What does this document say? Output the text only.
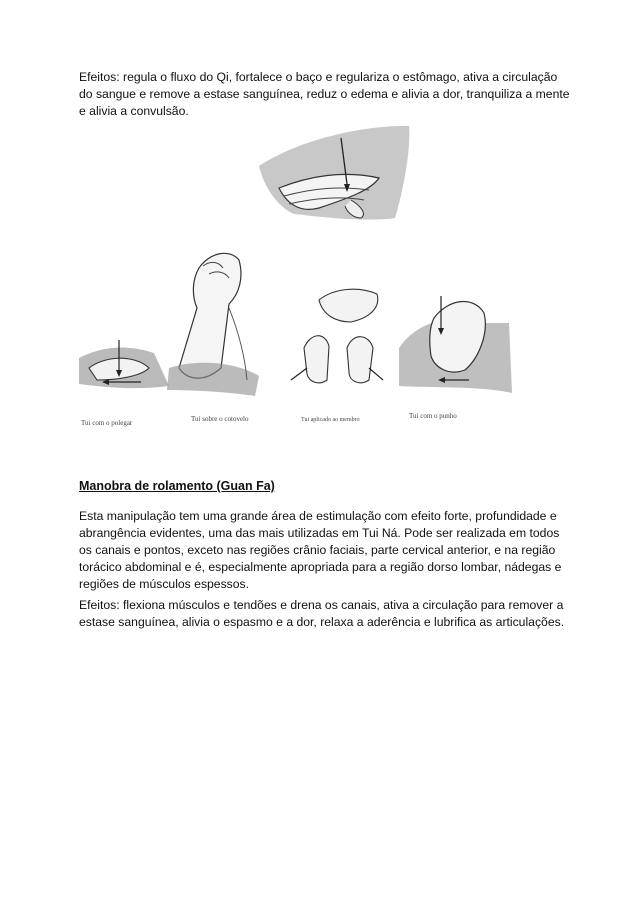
Efeitos: regula o fluxo do Qi, fortalece o baço e regulariza o estômago, ativa a circulação do sangue e remove a estase sanguínea, reduz o edema e alivia a dor, tranquiliza a mente e alivia a convulsão.

Tui com o polegar	Tui sobre o cotovelo	Tui aplicado ao membro	Tui com o punho

Manobra de rolamento (Guan Fa)

Esta manipulação tem uma grande área de estimulação com efeito forte, profundidade e abrangência evidentes, uma das mais utilizadas em Tui Ná. Pode ser realizada em todos os canais e pontos, exceto nas regiões crânio faciais, parte cervical anterior, e na região torácico abdominal e é, especialmente apropriada para a região dorso lombar, nádegas e regiões de músculos espessos.

Efeitos: flexiona músculos e tendões e drena os canais, ativa a circulação para remover a estase sanguínea, alivia o espasmo e a dor, relaxa a aderência e lubrifica as articulações.
